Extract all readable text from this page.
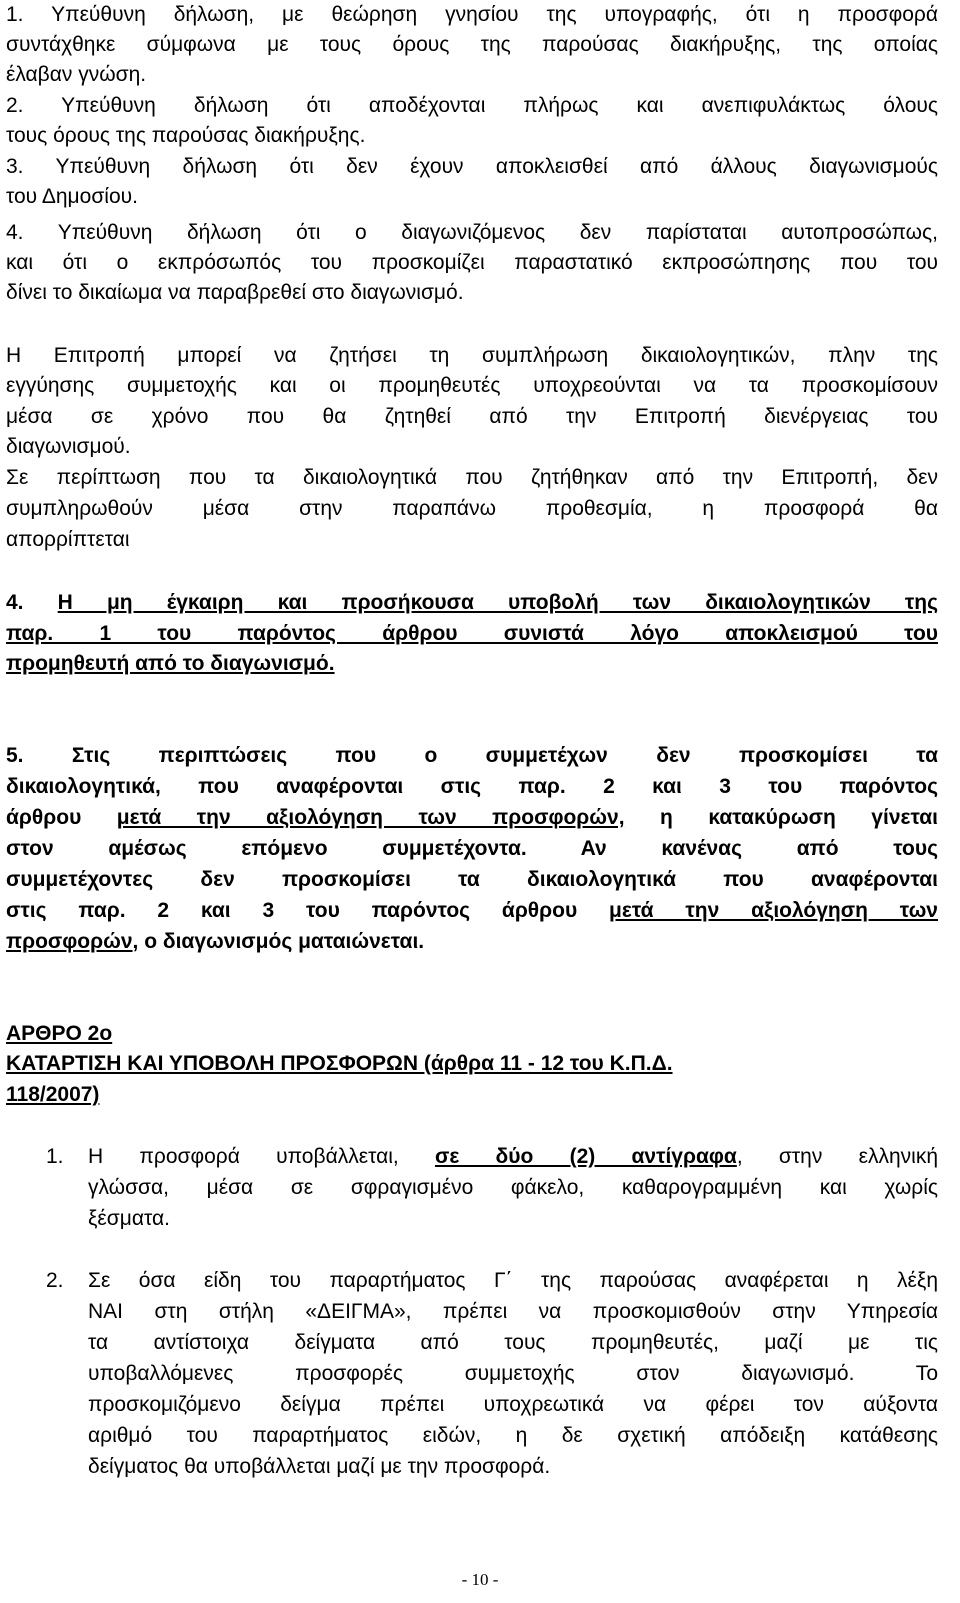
1. Υπεύθυνη δήλωση, με θεώρηση γνησίου της υπογραφής, ότι η προσφορά
συντάχθηκε σύμφωνα με τους όρους της παρούσας διακήρυξης, της οποίας
έλαβαν γνώση.
2. Υπεύθυνη δήλωση ότι αποδέχονται πλήρως και ανεπιφυλάκτως όλους
τους όρους της παρούσας διακήρυξης.
3. Υπεύθυνη δήλωση ότι δεν έχουν αποκλεισθεί από άλλους διαγωνισμούς
του Δημοσίου.
4. Υπεύθυνη δήλωση ότι ο διαγωνιζόμενος δεν παρίσταται αυτοπροσώπως,
και ότι ο εκπρόσωπός του προσκομίζει παραστατικό εκπροσώπησης που του
δίνει το δικαίωμα να παραβρεθεί στο διαγωνισμό.
Η Επιτροπή μπορεί να ζητήσει τη συμπλήρωση δικαιολογητικών, πλην της
εγγύησης συμμετοχής και οι προμηθευτές υποχρεούνται να τα προσκομίσουν
μέσα σε χρόνο που θα ζητηθεί από την Επιτροπή διενέργειας του
διαγωνισμού.
Σε περίπτωση που τα δικαιολογητικά που ζητήθηκαν από την Επιτροπή, δεν
συμπληρωθούν μέσα στην παραπάνω προθεσμία, η προσφορά θα
απορρίπτεται
4. Η μη έγκαιρη και προσήκουσα υποβολή των δικαιολογητικών της
παρ. 1 του παρόντος άρθρου συνιστά λόγο αποκλεισμού του
προμηθευτή από το διαγωνισμό.
5. Στις περιπτώσεις που ο συμμετέχων δεν προσκομίσει τα
δικαιολογητικά, που αναφέρονται στις παρ. 2 και 3 του παρόντος
άρθρου μετά την αξιολόγηση των προσφορών, η κατακύρωση γίνεται
στον αμέσως επόμενο συμμετέχοντα. Αν κανένας από τους
συμμετέχοντες δεν προσκομίσει τα δικαιολογητικά που αναφέρονται
στις παρ. 2 και 3 του παρόντος άρθρου μετά την αξιολόγηση των
προσφορών, ο διαγωνισμός ματαιώνεται.
ΑΡΘΡΟ 2ο
ΚΑΤΑΡΤΙΣΗ ΚΑΙ ΥΠΟΒΟΛΗ ΠΡΟΣΦΟΡΩΝ (άρθρα 11 - 12 του Κ.Π.Δ.
118/2007)
1. Η προσφορά υποβάλλεται, σε δύο (2) αντίγραφα, στην ελληνική
γλώσσα, μέσα σε σφραγισμένο φάκελο, καθαρογραμμένη και χωρίς
ξέσματα.
2. Σε όσα είδη του παραρτήματος Γ΄ της παρούσας αναφέρεται η λέξη
ΝΑΙ στη στήλη «ΔΕΙΓΜΑ», πρέπει να προσκομισθούν στην Υπηρεσία
τα αντίστοιχα δείγματα από τους προμηθευτές, μαζί με τις
υποβαλλόμενες προσφορές συμμετοχής στον διαγωνισμό. Το
προσκομιζόμενο δείγμα πρέπει υποχρεωτικά να φέρει τον αύξοντα
αριθμό του παραρτήματος ειδών, η δε σχετική απόδειξη κατάθεσης
δείγματος θα υποβάλλεται μαζί με την προσφορά.
- 10 -
